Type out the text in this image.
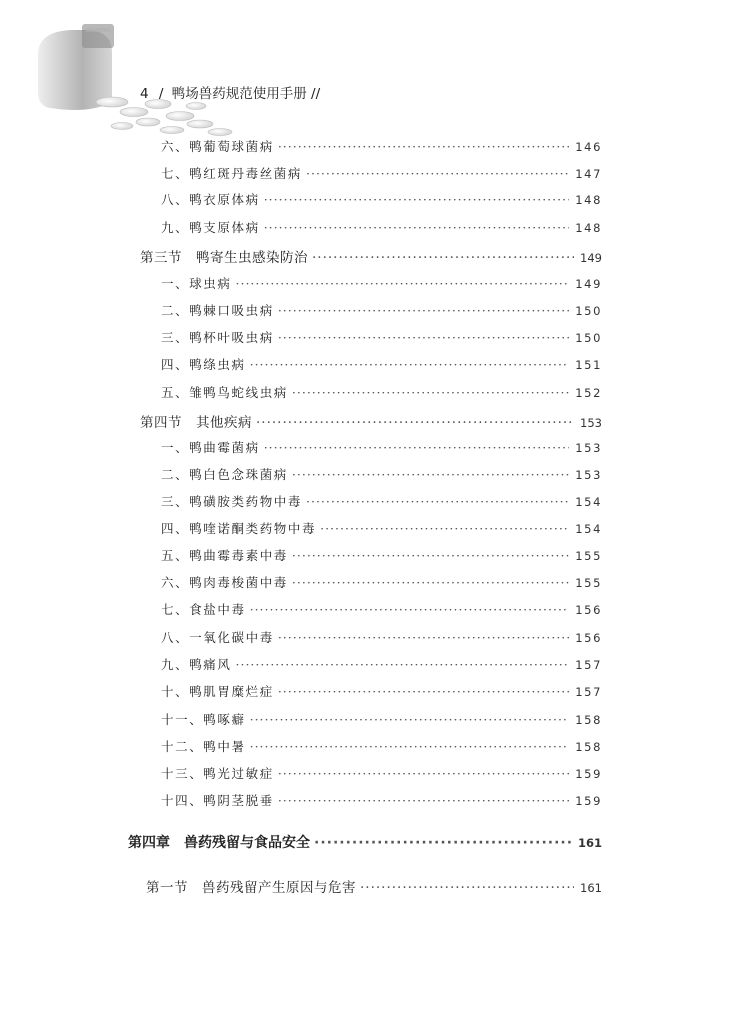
4 / 鸭场兽药规范使用手册 //
六、鸭葡萄球菌病 ·····	146
七、鸭红斑丹毒丝菌病 ·····	147
八、鸭衣原体病 ·····	148
九、鸭支原体病 ·····	148
第三节　鸭寄生虫感染防治 ·····	149
一、球虫病 ·····	149
二、鸭棘口吸虫病 ·····	150
三、鸭杯叶吸虫病 ·····	150
四、鸭绦虫病 ·····	151
五、雏鸭鸟蛇线虫病 ·····	152
第四节　其他疾病 ·····	153
一、鸭曲霉菌病 ·····	153
二、鸭白色念珠菌病 ·····	153
三、鸭磺胺类药物中毒 ·····	154
四、鸭喹诺酮类药物中毒 ·····	154
五、鸭曲霉毒素中毒 ·····	155
六、鸭肉毒梭菌中毒 ·····	155
七、食盐中毒 ·····	156
八、一氧化碳中毒 ·····	156
九、鸭痛风 ·····	157
十、鸭肌胃糜烂症 ·····	157
十一、鸭啄癖 ·····	158
十二、鸭中暑 ·····	158
十三、鸭光过敏症 ·····	159
十四、鸭阴茎脱垂 ·····	159
第四章　兽药残留与食品安全 ·····	161
第一节　兽药残留产生原因与危害 ·····	161
